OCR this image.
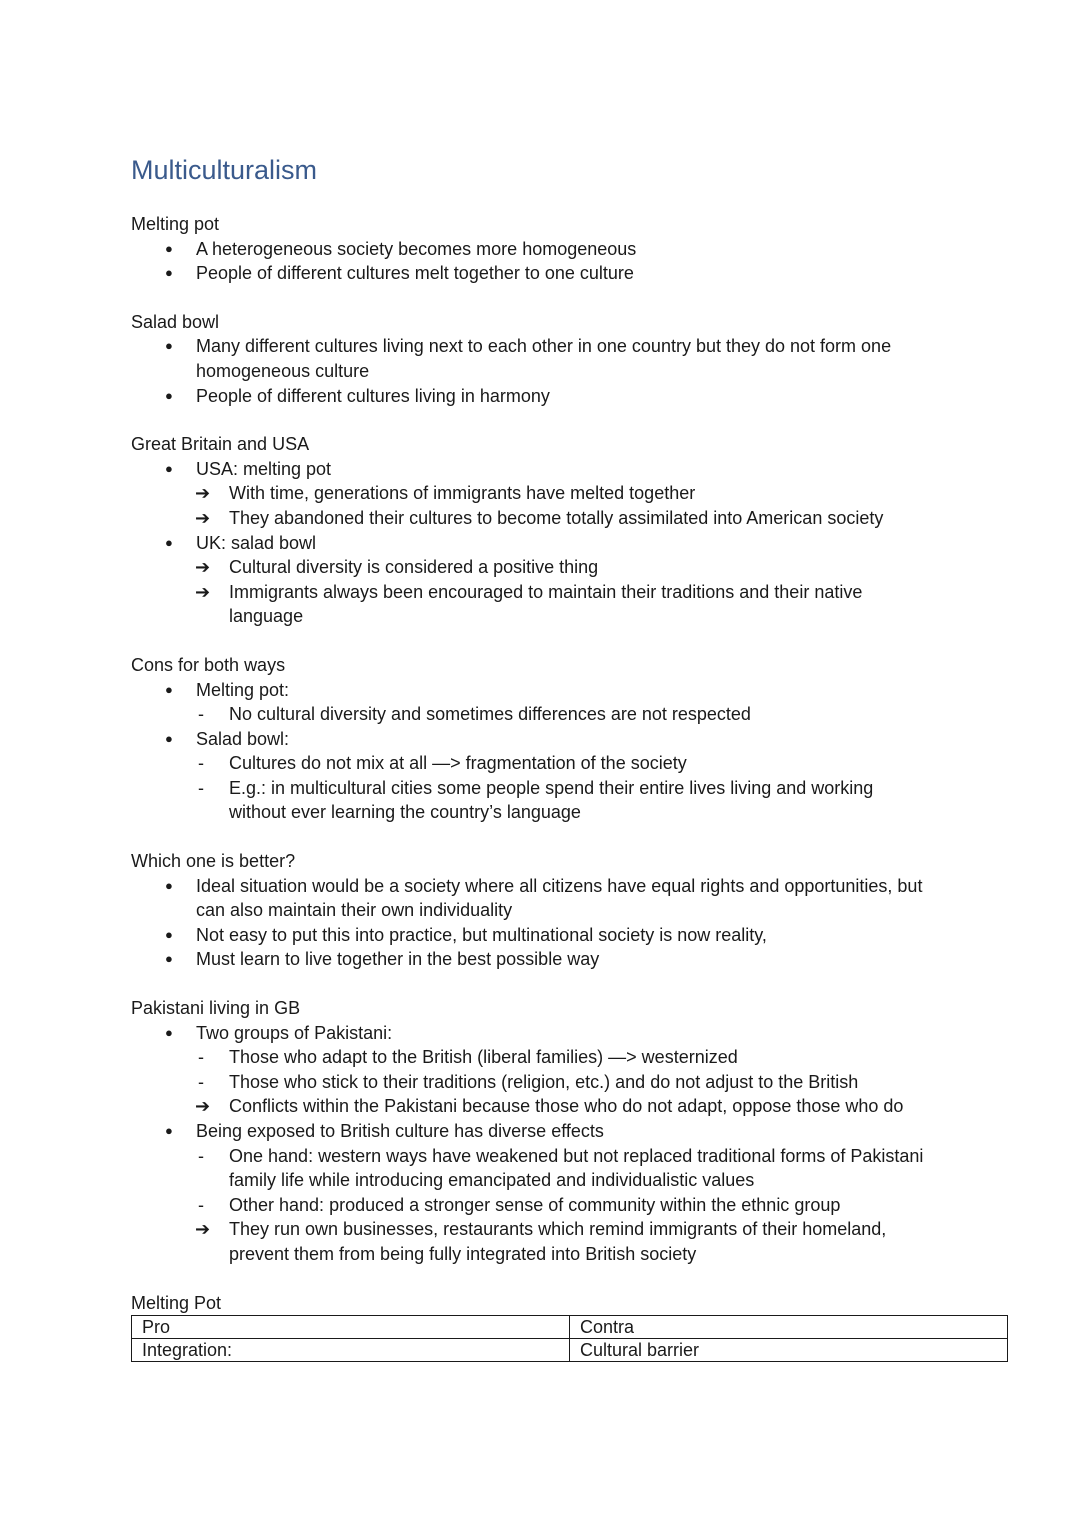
Multiculturalism
Melting pot
● A heterogeneous society becomes more homogeneous
● People of different cultures melt together to one culture
Salad bowl
● Many different cultures living next to each other in one country but they do not form one homogeneous culture
● People of different cultures living in harmony
Great Britain and USA
● USA: melting pot
➔ With time, generations of immigrants have melted together
➔ They abandoned their cultures to become totally assimilated into American society
● UK: salad bowl
➔ Cultural diversity is considered a positive thing
➔ Immigrants always been encouraged to maintain their traditions and their native language
Cons for both ways
● Melting pot:
- No cultural diversity and sometimes differences are not respected
● Salad bowl:
- Cultures do not mix at all —> fragmentation of the society
- E.g.: in multicultural cities some people spend their entire lives living and working without ever learning the country’s language
Which one is better?
● Ideal situation would be a society where all citizens have equal rights and opportunities, but can also maintain their own individuality
● Not easy to put this into practice, but multinational society is now reality,
● Must learn to live together in the best possible way
Pakistani living in GB
● Two groups of Pakistani:
- Those who adapt to the British (liberal families) —> westernized
- Those who stick to their traditions (religion, etc.) and do not adjust to the British
➔ Conflicts within the Pakistani because those who do not adapt, oppose those who do
● Being exposed to British culture has diverse effects
- One hand: western ways have weakened but not replaced traditional forms of Pakistani family life while introducing emancipated and individualistic values
- Other hand: produced a stronger sense of community within the ethnic group
➔ They run own businesses, restaurants which remind immigrants of their homeland, prevent them from being fully integrated into British society
Melting Pot
Pro	Contra
Integration:	Cultural barrier
